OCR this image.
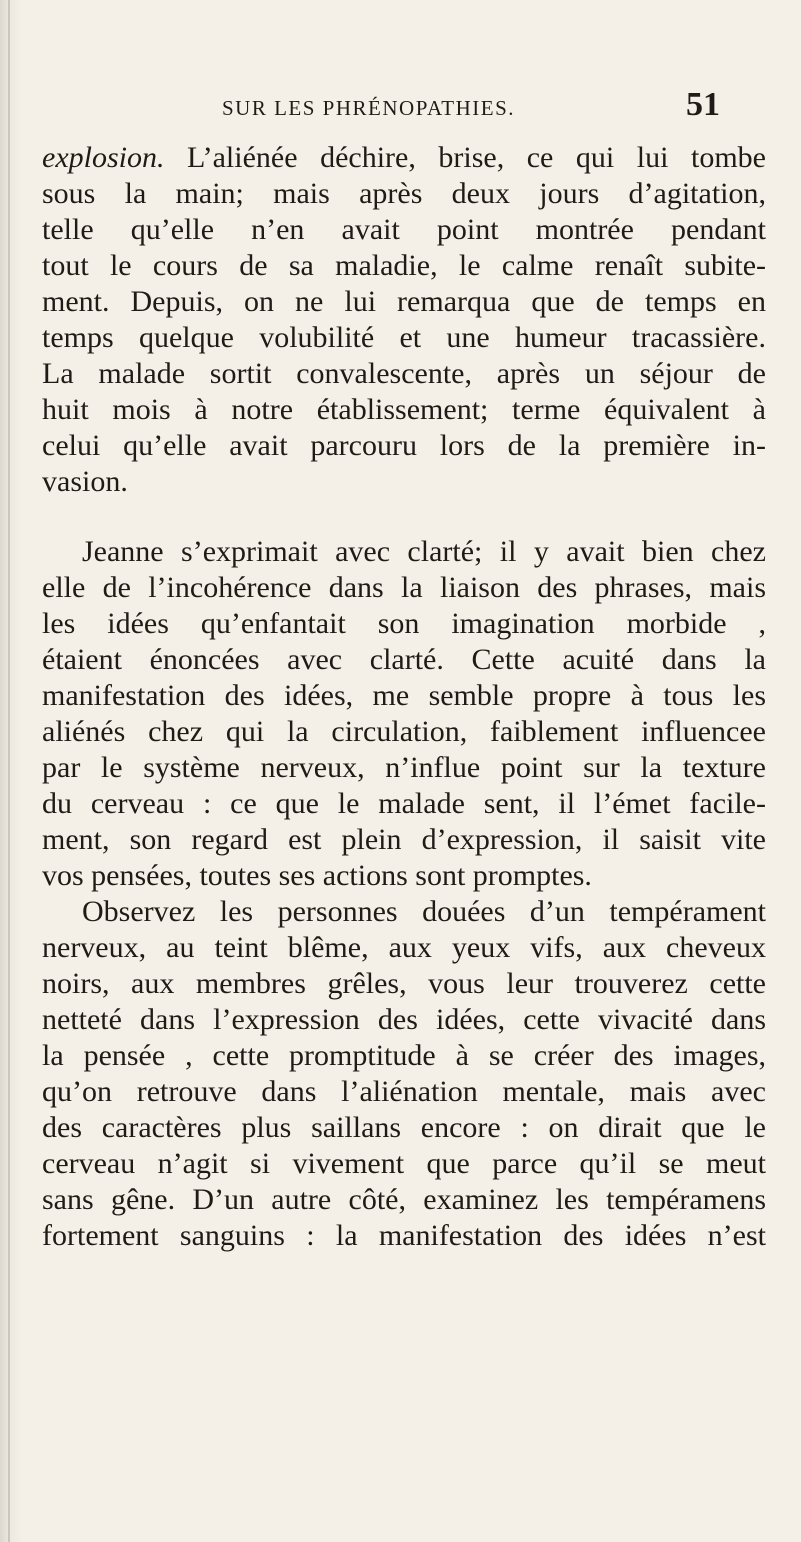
SUR LES PHRÉNOPATHIES.	51
explosion. L’aliénée déchire, brise, ce qui lui tombe
sous la main; mais après deux jours d’agitation,
telle qu’elle n’en avait point montrée pendant
tout le cours de sa maladie, le calme renaît subite-
ment. Depuis, on ne lui remarqua que de temps en
temps quelque volubilité et une humeur tracassière.
La malade sortit convalescente, après un séjour de
huit mois à notre établissement; terme équivalent à
celui qu’elle avait parcouru lors de la première in-
vasion.
Jeanne s’exprimait avec clarté; il y avait bien chez
elle de l’incohérence dans la liaison des phrases, mais
les idées qu’enfantait son imagination morbide ,
étaient énoncées avec clarté. Cette acuité dans la
manifestation des idées, me semble propre à tous les
aliénés chez qui la circulation, faiblement influencee
par le système nerveux, n’influe point sur la texture
du cerveau : ce que le malade sent, il l’émet facile-
ment, son regard est plein d’expression, il saisit vite
vos pensées, toutes ses actions sont promptes.
Observez les personnes douées d’un tempérament
nerveux, au teint blême, aux yeux vifs, aux cheveux
noirs, aux membres grêles, vous leur trouverez cette
netteté dans l’expression des idées, cette vivacité dans
la pensée , cette promptitude à se créer des images,
qu’on retrouve dans l’aliénation mentale, mais avec
des caractères plus saillans encore : on dirait que le
cerveau n’agit si vivement que parce qu’il se meut
sans gêne. D’un autre côté, examinez les tempéramens
fortement sanguins : la manifestation des idées n’est
